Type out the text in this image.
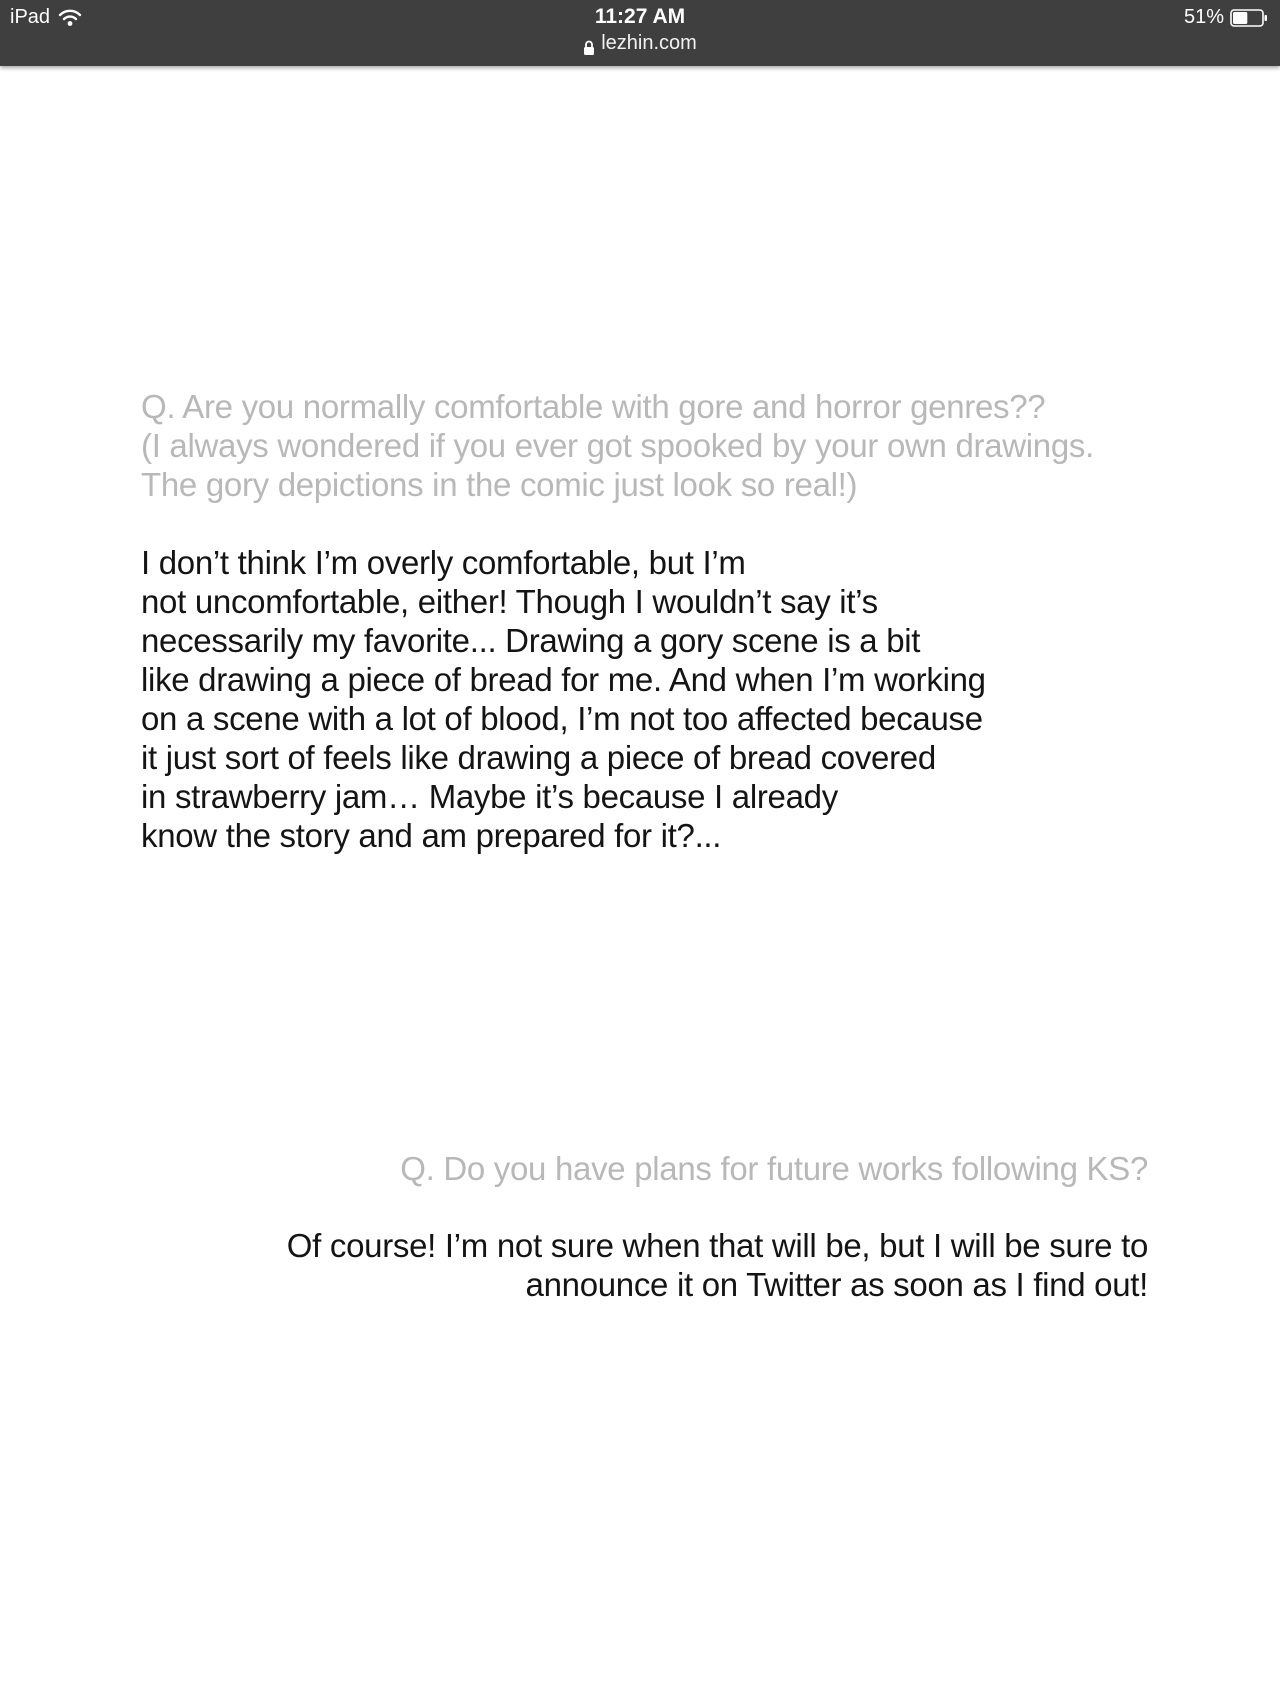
iPad	11:27 AM
lezhin.com
51%
Q. Are you normally comfortable with gore and horror genres??
(I always wondered if you ever got spooked by your own drawings.
The gory depictions in the comic just look so real!)
I don’t think I’m overly comfortable, but I’m
not uncomfortable, either! Though I wouldn’t say it’s
necessarily my favorite... Drawing a gory scene is a bit
like drawing a piece of bread for me. And when I’m working
on a scene with a lot of blood, I’m not too affected because
it just sort of feels like drawing a piece of bread covered
in strawberry jam… Maybe it’s because I already
know the story and am prepared for it?...
Q. Do you have plans for future works following KS?
Of course! I’m not sure when that will be, but I will be sure to
announce it on Twitter as soon as I find out!
